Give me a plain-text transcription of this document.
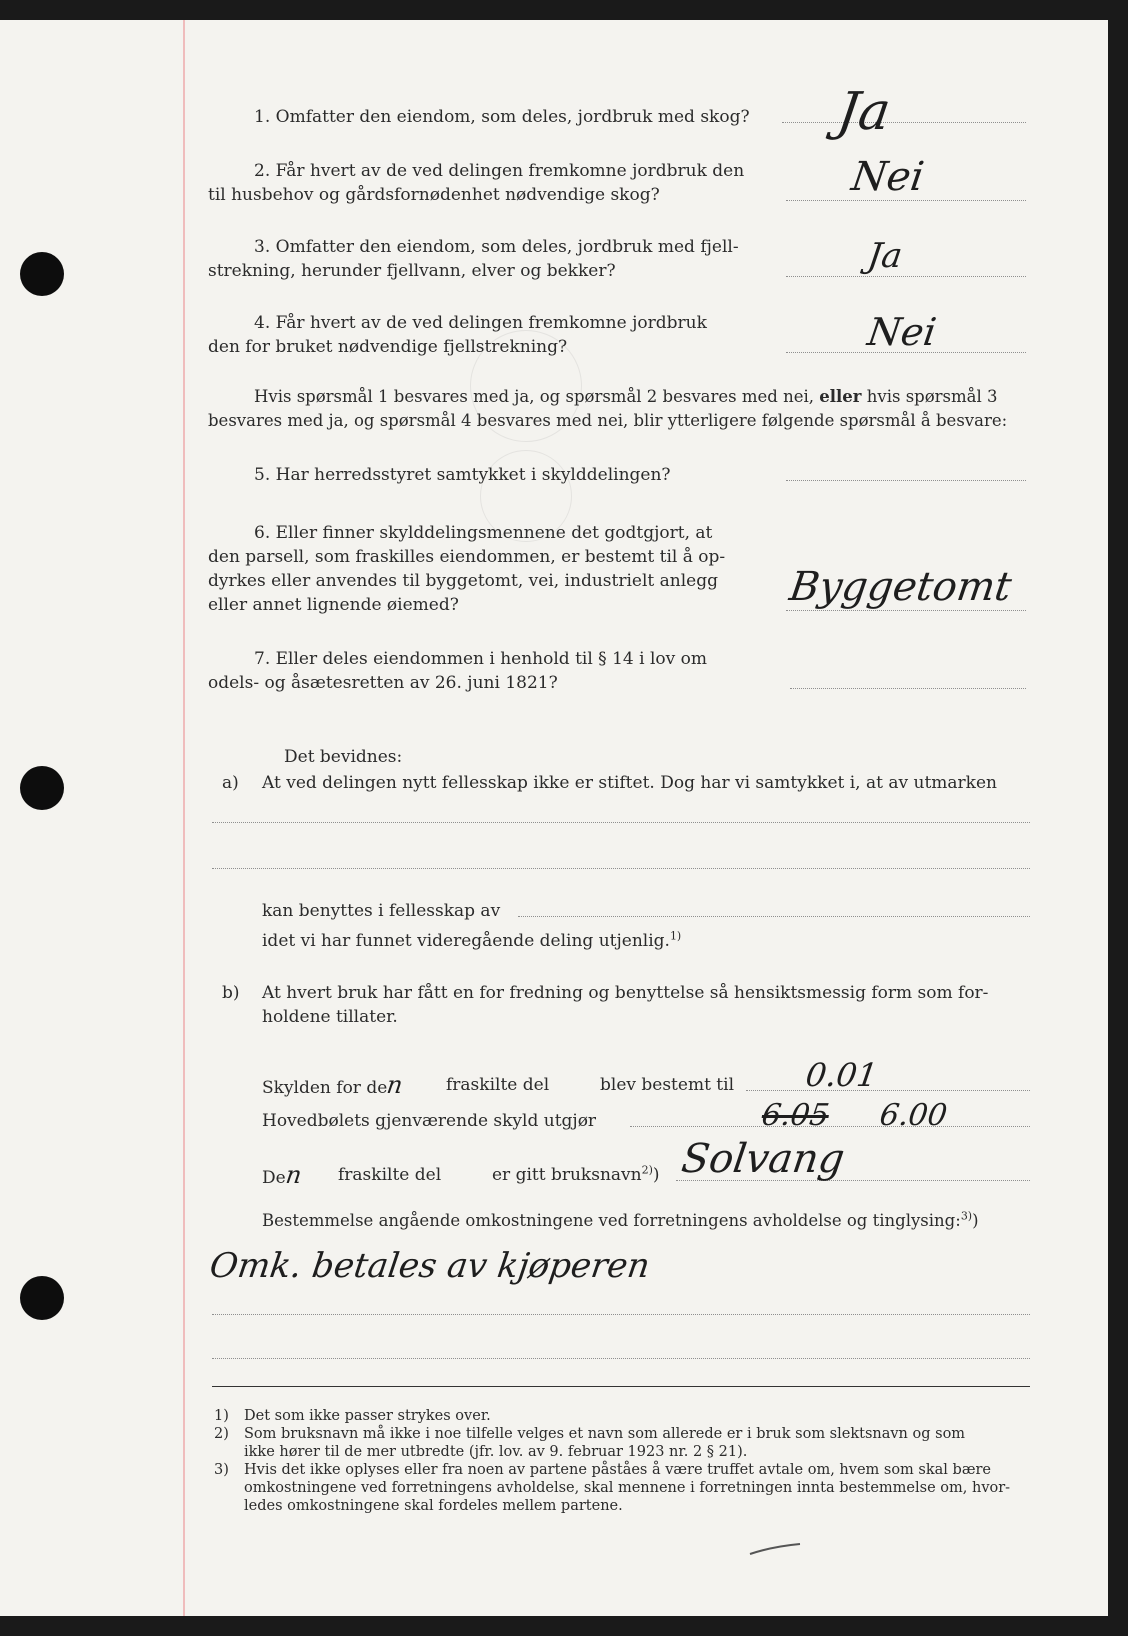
1. Omfatter den eiendom, som deles, jordbruk med skog? Ja
2. Får hvert av de ved delingen fremkomne jordbruk den
til husbehov og gårdsfornødenhet nødvendige skog?	Nei
3. Omfatter den eiendom, som deles, jordbruk med fjell-
strekning, herunder fjellvann, elver og bekker?	Ja
4. Får hvert av de ved delingen fremkomne jordbruk
den for bruket nødvendige fjellstrekning?	Nei
Hvis spørsmål 1 besvares med ja, og spørsmål 2 besvares med nei, eller hvis spørsmål 3
besvares med ja, og spørsmål 4 besvares med nei, blir ytterligere følgende spørsmål å besvare:
5. Har herredsstyret samtykket i skylddelingen?
6. Eller finner skylddelingsmennene det godtgjort, at
den parsell, som fraskilles eiendommen, er bestemt til å op-
dyrkes eller anvendes til byggetomt, vei, industrielt anlegg
eller annet lignende øiemed?	Byggetomt
7. Eller deles eiendommen i henhold til § 14 i lov om
odels- og åsætesretten av 26. juni 1821?
Det bevidnes:
a) At ved delingen nytt fellesskap ikke er stiftet. Dog har vi samtykket i, at av utmarken
kan benyttes i fellesskap av
idet vi har funnet videregående deling utjenlig.$^{1)}$
b) At hvert bruk har fått en for fredning og benyttelse så hensiktsmessig form som for-
holdene tillater.
Skylden for den fraskilte del	blev bestemt til 0.01
Hovedbølets gjenværende skyld utgjør	6.05 6.00
Den fraskilte del	er gitt bruksnavn$^{2)}$) Solvang
Bestemmelse angående omkostningene ved forretningens avholdelse og tinglysing:$^{3)}$)
Omk. betales av kjøperen
1) Det som ikke passer strykes over.
2) Som bruksnavn må ikke i noe tilfelle velges et navn som allerede er i bruk som slektsnavn og som
ikke hører til de mer utbredte (jfr. lov. av 9. februar 1923 nr. 2 § 21).
3) Hvis det ikke oplyses eller fra noen av partene påståes å være truffet avtale om, hvem som skal bære
omkostningene ved forretningens avholdelse, skal mennene i forretningen innta bestemmelse om, hvor-
ledes omkostningene skal fordeles mellem partene.
